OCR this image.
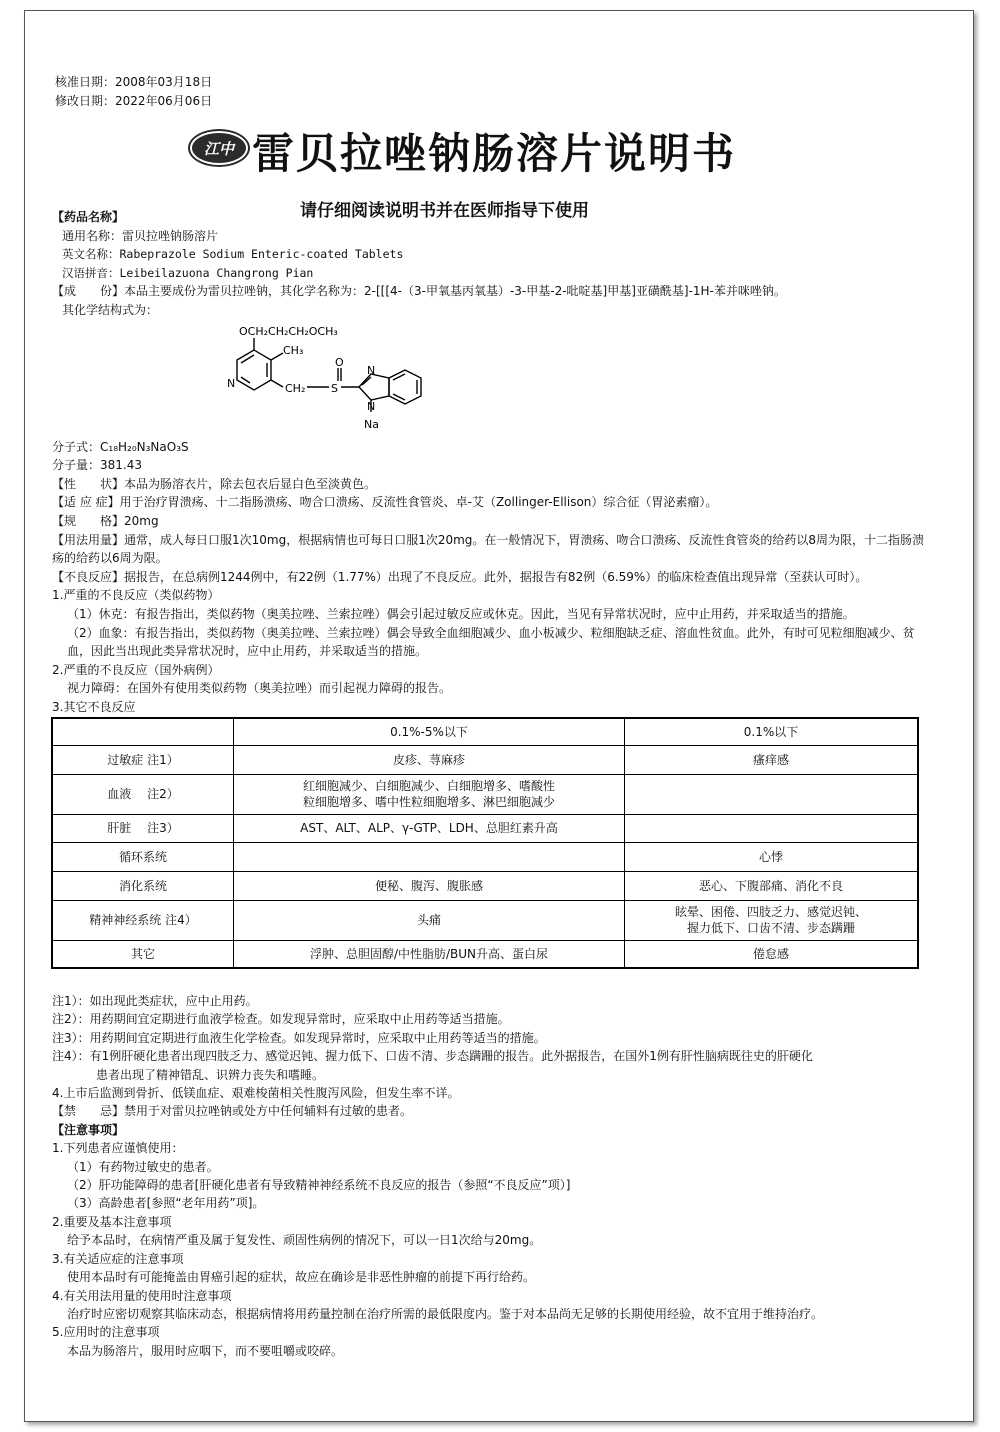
核准日期：2008年03月18日
修改日期：2022年06月06日
江中 雷贝拉唑钠肠溶片说明书
请仔细阅读说明书并在医师指导下使用

【药品名称】

通用名称：雷贝拉唑钠肠溶片

英文名称：Rabeprazole Sodium Enteric-coated Tablets

汉语拼音：Leibeilazuona Changrong Pian

【成　　份】本品主要成份为雷贝拉唑钠，其化学名称为：2-[[[4-（3-甲氧基丙氧基）-3-甲基-2-吡啶基]甲基]亚磺酰基]-1H-苯并咪唑钠。

其化学结构式为：

OCH₂CH₂CH₂OCH₃
CH₃
CH₂ S
O
N
N
N
Na

分子式：C₁₈H₂₀N₃NaO₃S

分子量：381.43

【性　　状】本品为肠溶衣片，除去包衣后显白色至淡黄色。

【适 应 症】用于治疗胃溃疡、十二指肠溃疡、吻合口溃疡、反流性食管炎、卓-艾（Zollinger-Ellison）综合征（胃泌素瘤）。

【规　　格】20mg

【用法用量】通常，成人每日口服1次10mg，根据病情也可每日口服1次20mg。在一般情况下，胃溃疡、吻合口溃疡、反流性食管炎的给药以8周为限，十二指肠溃疡的给药以6周为限。

【不良反应】据报告，在总病例1244例中，有22例（1.77%）出现了不良反应。此外，据报告有82例（6.59%）的临床检查值出现异常（至获认可时）。

1.严重的不良反应（类似药物）

（1）休克：有报告指出，类似药物（奥美拉唑、兰索拉唑）偶会引起过敏反应或休克。因此，当见有异常状况时，应中止用药，并采取适当的措施。

（2）血象：有报告指出，类似药物（奥美拉唑、兰索拉唑）偶会导致全血细胞减少、血小板减少、粒细胞缺乏症、溶血性贫血。此外，有时可见粒细胞减少、贫血，因此当出现此类异常状况时，应中止用药，并采取适当的措施。

2.严重的不良反应（国外病例）

视力障碍：在国外有使用类似药物（奥美拉唑）而引起视力障碍的报告。

3.其它不良反应

	0.1%-5%以下	0.1%以下
过敏症 注1）	皮疹、荨麻疹	瘙痒感
血液　 注2）	红细胞减少、白细胞减少、白细胞增多、嗜酸性
粒细胞增多、嗜中性粒细胞增多、淋巴细胞减少	
肝脏　 注3）	AST、ALT、ALP、γ-GTP、LDH、总胆红素升高	
循环系统		心悸
消化系统	便秘、腹泻、腹胀感	恶心、下腹部痛、消化不良
精神神经系统 注4）	头痛	眩晕、困倦、四肢乏力、感觉迟钝、
握力低下、口齿不清、步态蹒跚
其它	浮肿、总胆固醇/中性脂肪/BUN升高、蛋白尿	倦怠感

注1）：如出现此类症状，应中止用药。

注2）：用药期间宜定期进行血液学检查。如发现异常时，应采取中止用药等适当措施。

注3）：用药期间宜定期进行血液生化学检查。如发现异常时，应采取中止用药等适当的措施。

注4）：有1例肝硬化患者出现四肢乏力、感觉迟钝、握力低下、口齿不清、步态蹒跚的报告。此外据报告，在国外1例有肝性脑病既往史的肝硬化

患者出现了精神错乱、识辨力丧失和嗜睡。

4.上市后监测到骨折、低镁血症、艰难梭菌相关性腹泻风险，但发生率不详。

【禁　　忌】禁用于对雷贝拉唑钠或处方中任何辅料有过敏的患者。

【注意事项】

1.下列患者应谨慎使用：

（1）有药物过敏史的患者。

（2）肝功能障碍的患者[肝硬化患者有导致精神神经系统不良反应的报告（参照“不良反应”项）]

（3）高龄患者[参照“老年用药”项]。

2.重要及基本注意事项

给予本品时，在病情严重及属于复发性、顽固性病例的情况下，可以一日1次给与20mg。

3.有关适应症的注意事项

使用本品时有可能掩盖由胃癌引起的症状，故应在确诊是非恶性肿瘤的前提下再行给药。

4.有关用法用量的使用时注意事项

治疗时应密切观察其临床动态，根据病情将用药量控制在治疗所需的最低限度内。鉴于对本品尚无足够的长期使用经验，故不宜用于维持治疗。

5.应用时的注意事项

本品为肠溶片，服用时应咽下，而不要咀嚼或咬碎。
